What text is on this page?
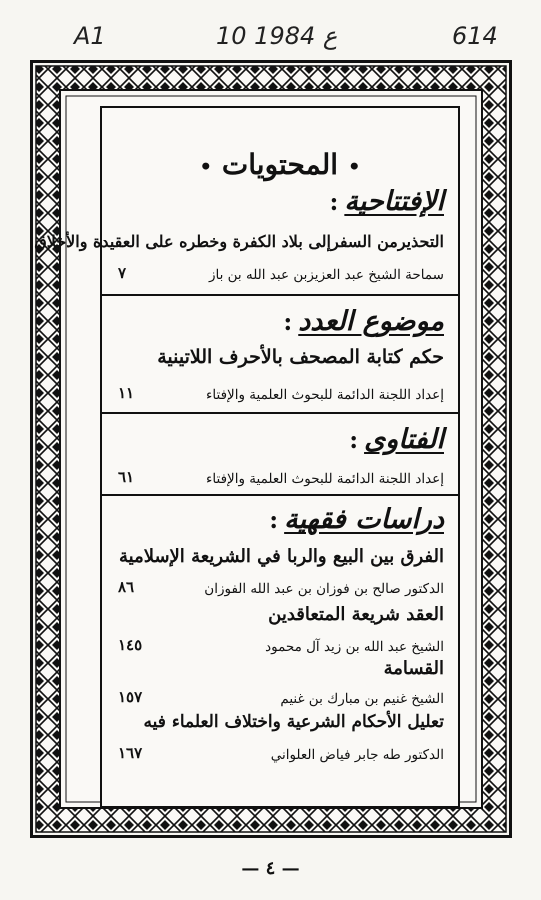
A1	10 ع 1984	614
• المحتويات •
الإفتتاحية:
التحذيرمن السفرإلى بلاد الكفرة وخطره على العقيدة والأخلاق
سماحة الشيخ عبد العزيزبن عبد الله بن باز
٧
موضوع العدد:
حكم كتابة المصحف بالأحرف اللاتينية
إعداد اللجنة الدائمة للبحوث العلمية والإفتاء
١١
الفتاوى:
إعداد اللجنة الدائمة للبحوث العلمية والإفتاء
٦١
دراسات فقهية:
الفرق بين البيع والربا في الشريعة الإسلامية
الدكتور صالح بن فوزان بن عبد الله الفوزان
٨٦
العقد شريعة المتعاقدين
الشيخ عبد الله بن زيد آل محمود
١٤٥
القسامة
الشيخ غنيم بن مبارك بن غنيم
١٥٧
تعليل الأحكام الشرعية واختلاف العلماء فيه
الدكتور طه جابر فياض العلواني
١٦٧
— ٤ —
